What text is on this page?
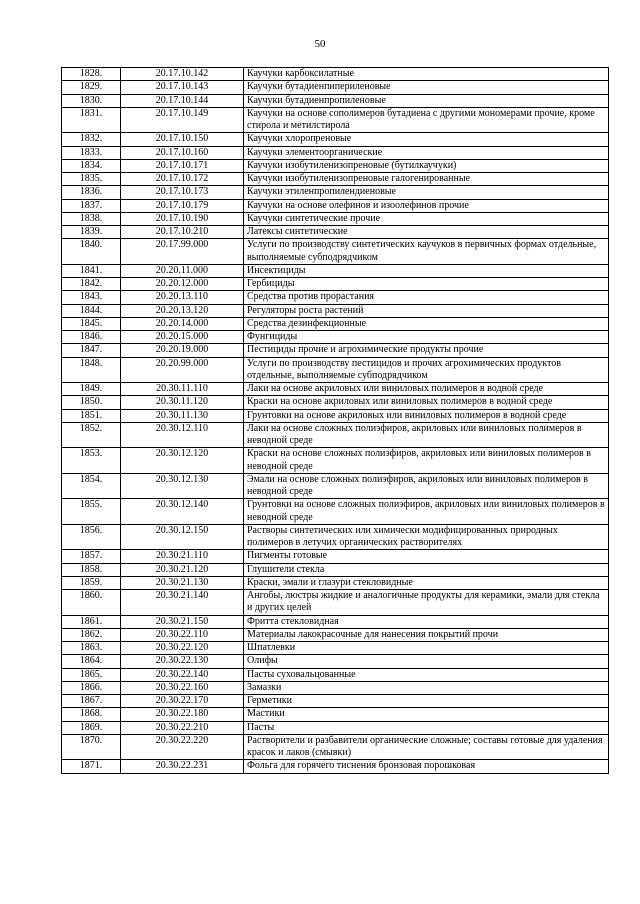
50
1828.	20.17.10.142	Каучуки карбоксилатные
1829.	20.17.10.143	Каучуки бутадиенпипериленовые
1830.	20.17.10.144	Каучуки бутадиенпропиленовые
1831.	20.17.10.149	Каучуки на основе сополимеров бутадиена с другими мономерами прочие, кроме стирола и метилстирола
1832.	20.17.10.150	Каучуки хлоропреновые
1833.	20.17.10.160	Каучуки элементоорганические
1834.	20.17.10.171	Каучуки изобутиленизопреновые (бутилкаучуки)
1835.	20.17.10.172	Каучуки изобутиленизопреновые галогенированные
1836.	20.17.10.173	Каучуки этиленпропилендиеновые
1837.	20.17.10.179	Каучуки на основе олефинов и изоолефинов прочие
1838.	20.17.10.190	Каучуки синтетические прочие
1839.	20.17.10.210	Латексы синтетические
1840.	20.17.99.000	Услуги по производству синтетических каучуков в первичных формах отдельные, выполняемые субподрядчиком
1841.	20.20.11.000	Инсектициды
1842.	20.20.12.000	Гербициды
1843.	20.20.13.110	Средства против прорастания
1844.	20.20.13.120	Регуляторы роста растений
1845.	20.20.14.000	Средства дезинфекционные
1846.	20.20.15.000	Фунгициды
1847.	20.20.19.000	Пестициды прочие и агрохимические продукты прочие
1848.	20.20.99.000	Услуги по производству пестицидов и прочих агрохимических продуктов отдельные, выполняемые субподрядчиком
1849.	20.30.11.110	Лаки на основе акриловых или виниловых полимеров в водной среде
1850.	20.30.11.120	Краски на основе акриловых или виниловых полимеров в водной среде
1851.	20.30.11.130	Грунтовки на основе акриловых или виниловых полимеров в водной среде
1852.	20.30.12.110	Лаки на основе сложных полиэфиров, акриловых или виниловых полимеров в неводной среде
1853.	20.30.12.120	Краски на основе сложных полиэфиров, акриловых или виниловых полимеров в неводной среде
1854.	20.30.12.130	Эмали на основе сложных полиэфиров, акриловых или виниловых полимеров в неводной среде
1855.	20.30.12.140	Грунтовки на основе сложных полиэфиров, акриловых или виниловых полимеров в неводной среде
1856.	20.30.12.150	Растворы синтетических или химически модифицированных природных полимеров в летучих органических растворителях
1857.	20.30.21.110	Пигменты готовые
1858.	20.30.21.120	Глушители стекла
1859.	20.30.21.130	Краски, эмали и глазури стекловидные
1860.	20.30.21.140	Ангобы, люстры жидкие и аналогичные продукты для керамики, эмали для стекла и других целей
1861.	20.30.21.150	Фритта стекловидная
1862.	20.30.22.110	Материалы лакокрасочные для нанесения покрытий прочи
1863.	20.30.22.120	Шпатлевки
1864.	20.30.22.130	Олифы
1865.	20.30.22.140	Пасты суховальцованные
1866.	20.30.22.160	Замазки
1867.	20.30.22.170	Герметики
1868.	20.30.22.180	Мастики
1869.	20.30.22.210	Пасты
1870.	20.30.22.220	Растворители и разбавители органические сложные; составы готовые для удаления красок и лаков (смывки)
1871.	20.30.22.231	Фольга для горячего тиснения бронзовая порошковая
